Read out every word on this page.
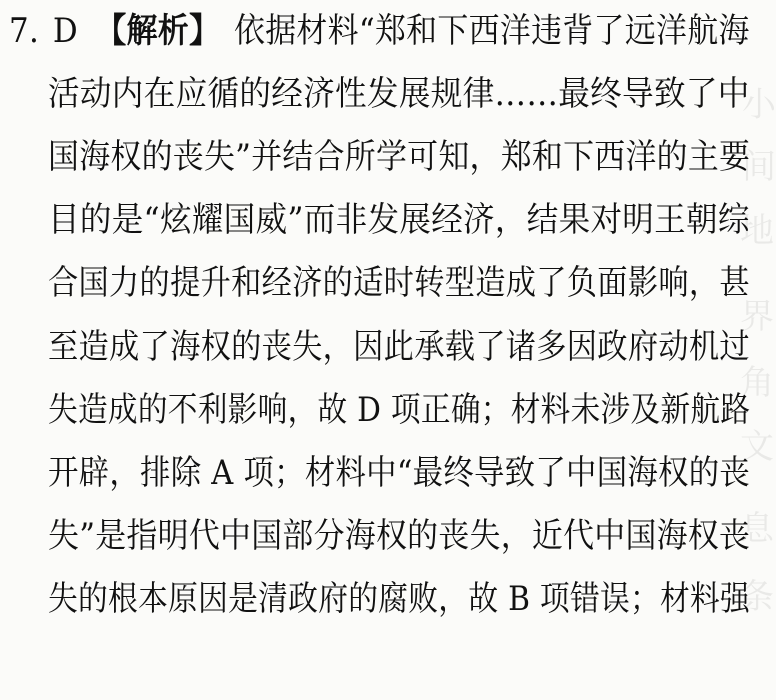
小
间
地
界
角
文
息
条
7. D 【解析】 依据材料“郑和下西洋违背了远洋航海
活动内在应循的经济性发展规律……最终导致了中
国海权的丧失”并结合所学可知，郑和下西洋的主要
目的是“炫耀国威”而非发展经济，结果对明王朝综
合国力的提升和经济的适时转型造成了负面影响，甚
至造成了海权的丧失，因此承载了诸多因政府动机过
失造成的不利影响，故 D 项正确；材料未涉及新航路
开辟，排除 A 项；材料中“最终导致了中国海权的丧
失”是指明代中国部分海权的丧失，近代中国海权丧
失的根本原因是清政府的腐败，故 B 项错误；材料强
